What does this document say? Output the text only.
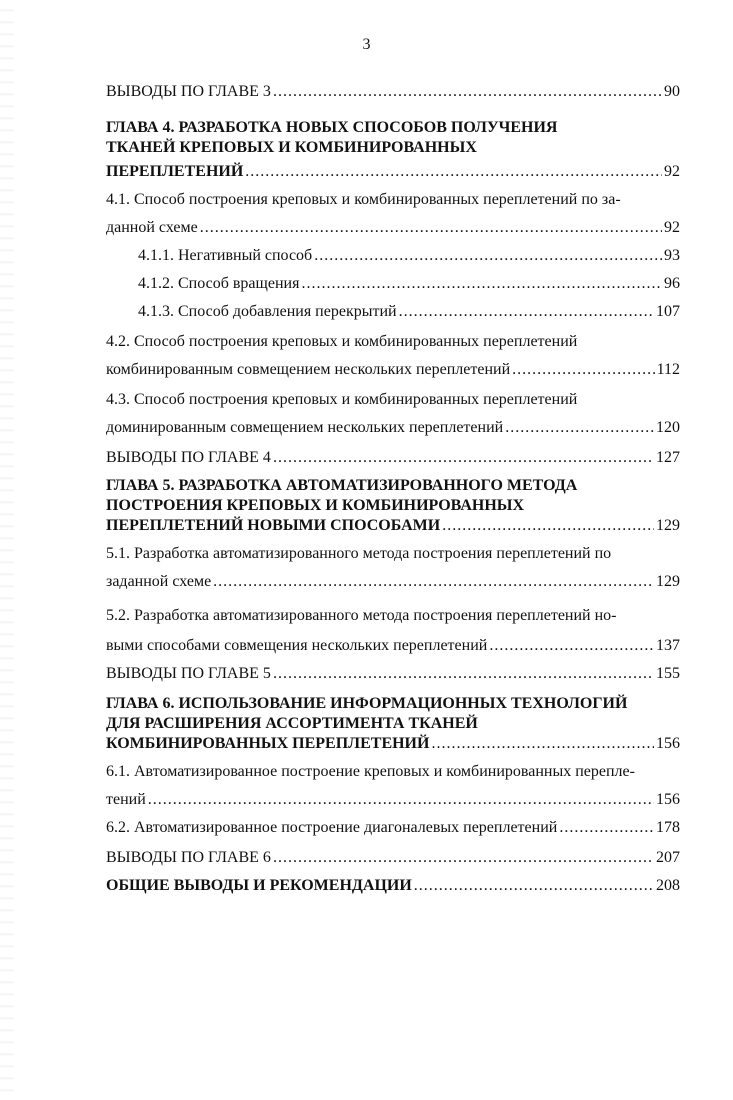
3
ВЫВОДЫ ПО ГЛАВЕ 3 .....	90
ГЛАВА 4. РАЗРАБОТКА НОВЫХ СПОСОБОВ ПОЛУЧЕНИЯ
ТКАНЕЙ КРЕПОВЫХ И КОМБИНИРОВАННЫХ
ПЕРЕПЛЕТЕНИЙ .....	92
4.1. Способ построения креповых и комбинированных переплетений по за-
данной схеме .....	92
4.1.1. Негативный способ .....	93
4.1.2. Способ вращения .....	96
4.1.3. Способ добавления перекрытий .....	107
4.2. Способ построения креповых и комбинированных переплетений
комбинированным совмещением нескольких переплетений .....	112
4.3. Способ построения креповых и комбинированных переплетений
доминированным совмещением нескольких переплетений .....	120
ВЫВОДЫ ПО ГЛАВЕ 4 .....	127
ГЛАВА 5. РАЗРАБОТКА АВТОМАТИЗИРОВАННОГО МЕТОДА
ПОСТРОЕНИЯ КРЕПОВЫХ И КОМБИНИРОВАННЫХ
ПЕРЕПЛЕТЕНИЙ НОВЫМИ СПОСОБАМИ .....	129
5.1. Разработка автоматизированного метода построения переплетений по
заданной схеме .....	129
5.2. Разработка автоматизированного метода построения переплетений но-
выми способами совмещения нескольких переплетений .....	137
ВЫВОДЫ ПО ГЛАВЕ 5 .....	155
ГЛАВА 6. ИСПОЛЬЗОВАНИЕ ИНФОРМАЦИОННЫХ ТЕХНОЛОГИЙ
ДЛЯ РАСШИРЕНИЯ АССОРТИМЕНТА ТКАНЕЙ
КОМБИНИРОВАННЫХ ПЕРЕПЛЕТЕНИЙ .....	156
6.1. Автоматизированное построение креповых и комбинированных перепле-
тений .....	156
6.2. Автоматизированное построение диагоналевых переплетений .....	178
ВЫВОДЫ ПО ГЛАВЕ 6 .....	207
ОБЩИЕ ВЫВОДЫ И РЕКОМЕНДАЦИИ .....	208
